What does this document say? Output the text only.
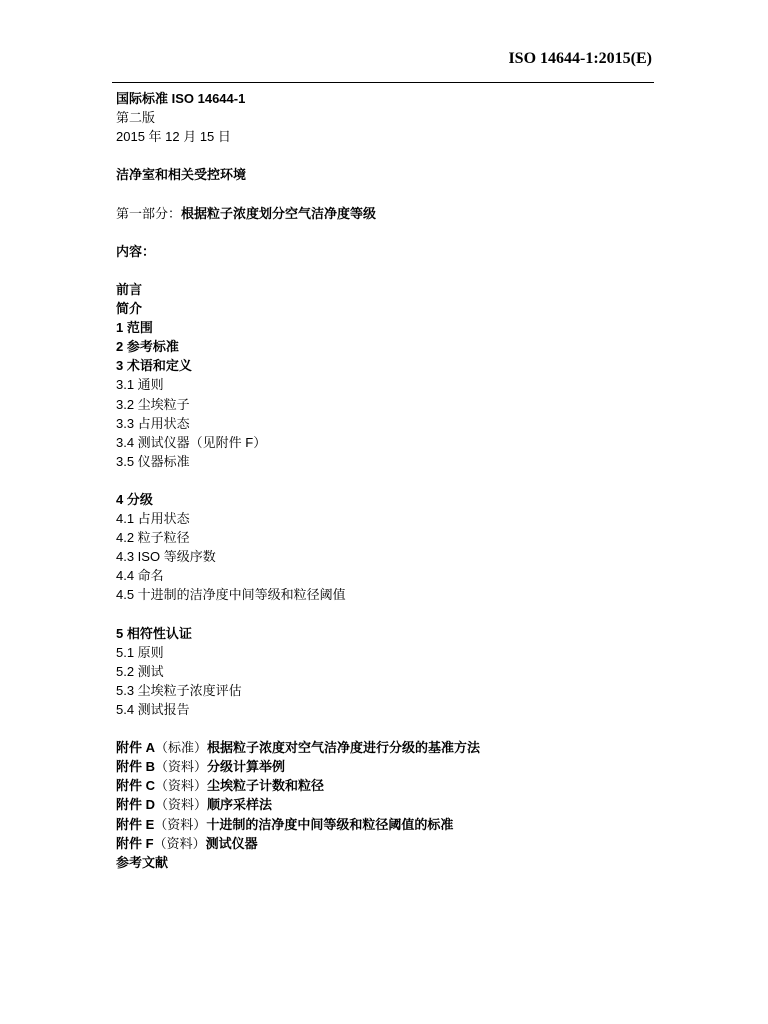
ISO 14644-1:2015(E)
国际标准 ISO 14644-1
第二版
2015 年 12 月 15 日
洁净室和相关受控环境
第一部分：根据粒子浓度划分空气洁净度等级
内容：
前言
简介
1 范围
2 参考标准
3 术语和定义
3.1 通则
3.2 尘埃粒子
3.3 占用状态
3.4 测试仪器（见附件 F）
3.5 仪器标准
4 分级
4.1 占用状态
4.2 粒子粒径
4.3 ISO 等级序数
4.4 命名
4.5 十进制的洁净度中间等级和粒径阈值
5 相符性认证
5.1 原则
5.2 测试
5.3 尘埃粒子浓度评估
5.4 测试报告
附件 A（标准）根据粒子浓度对空气洁净度进行分级的基准方法
附件 B（资料）分级计算举例
附件 C（资料）尘埃粒子计数和粒径
附件 D（资料）顺序采样法
附件 E（资料）十进制的洁净度中间等级和粒径阈值的标准
附件 F（资料）测试仪器
参考文献
